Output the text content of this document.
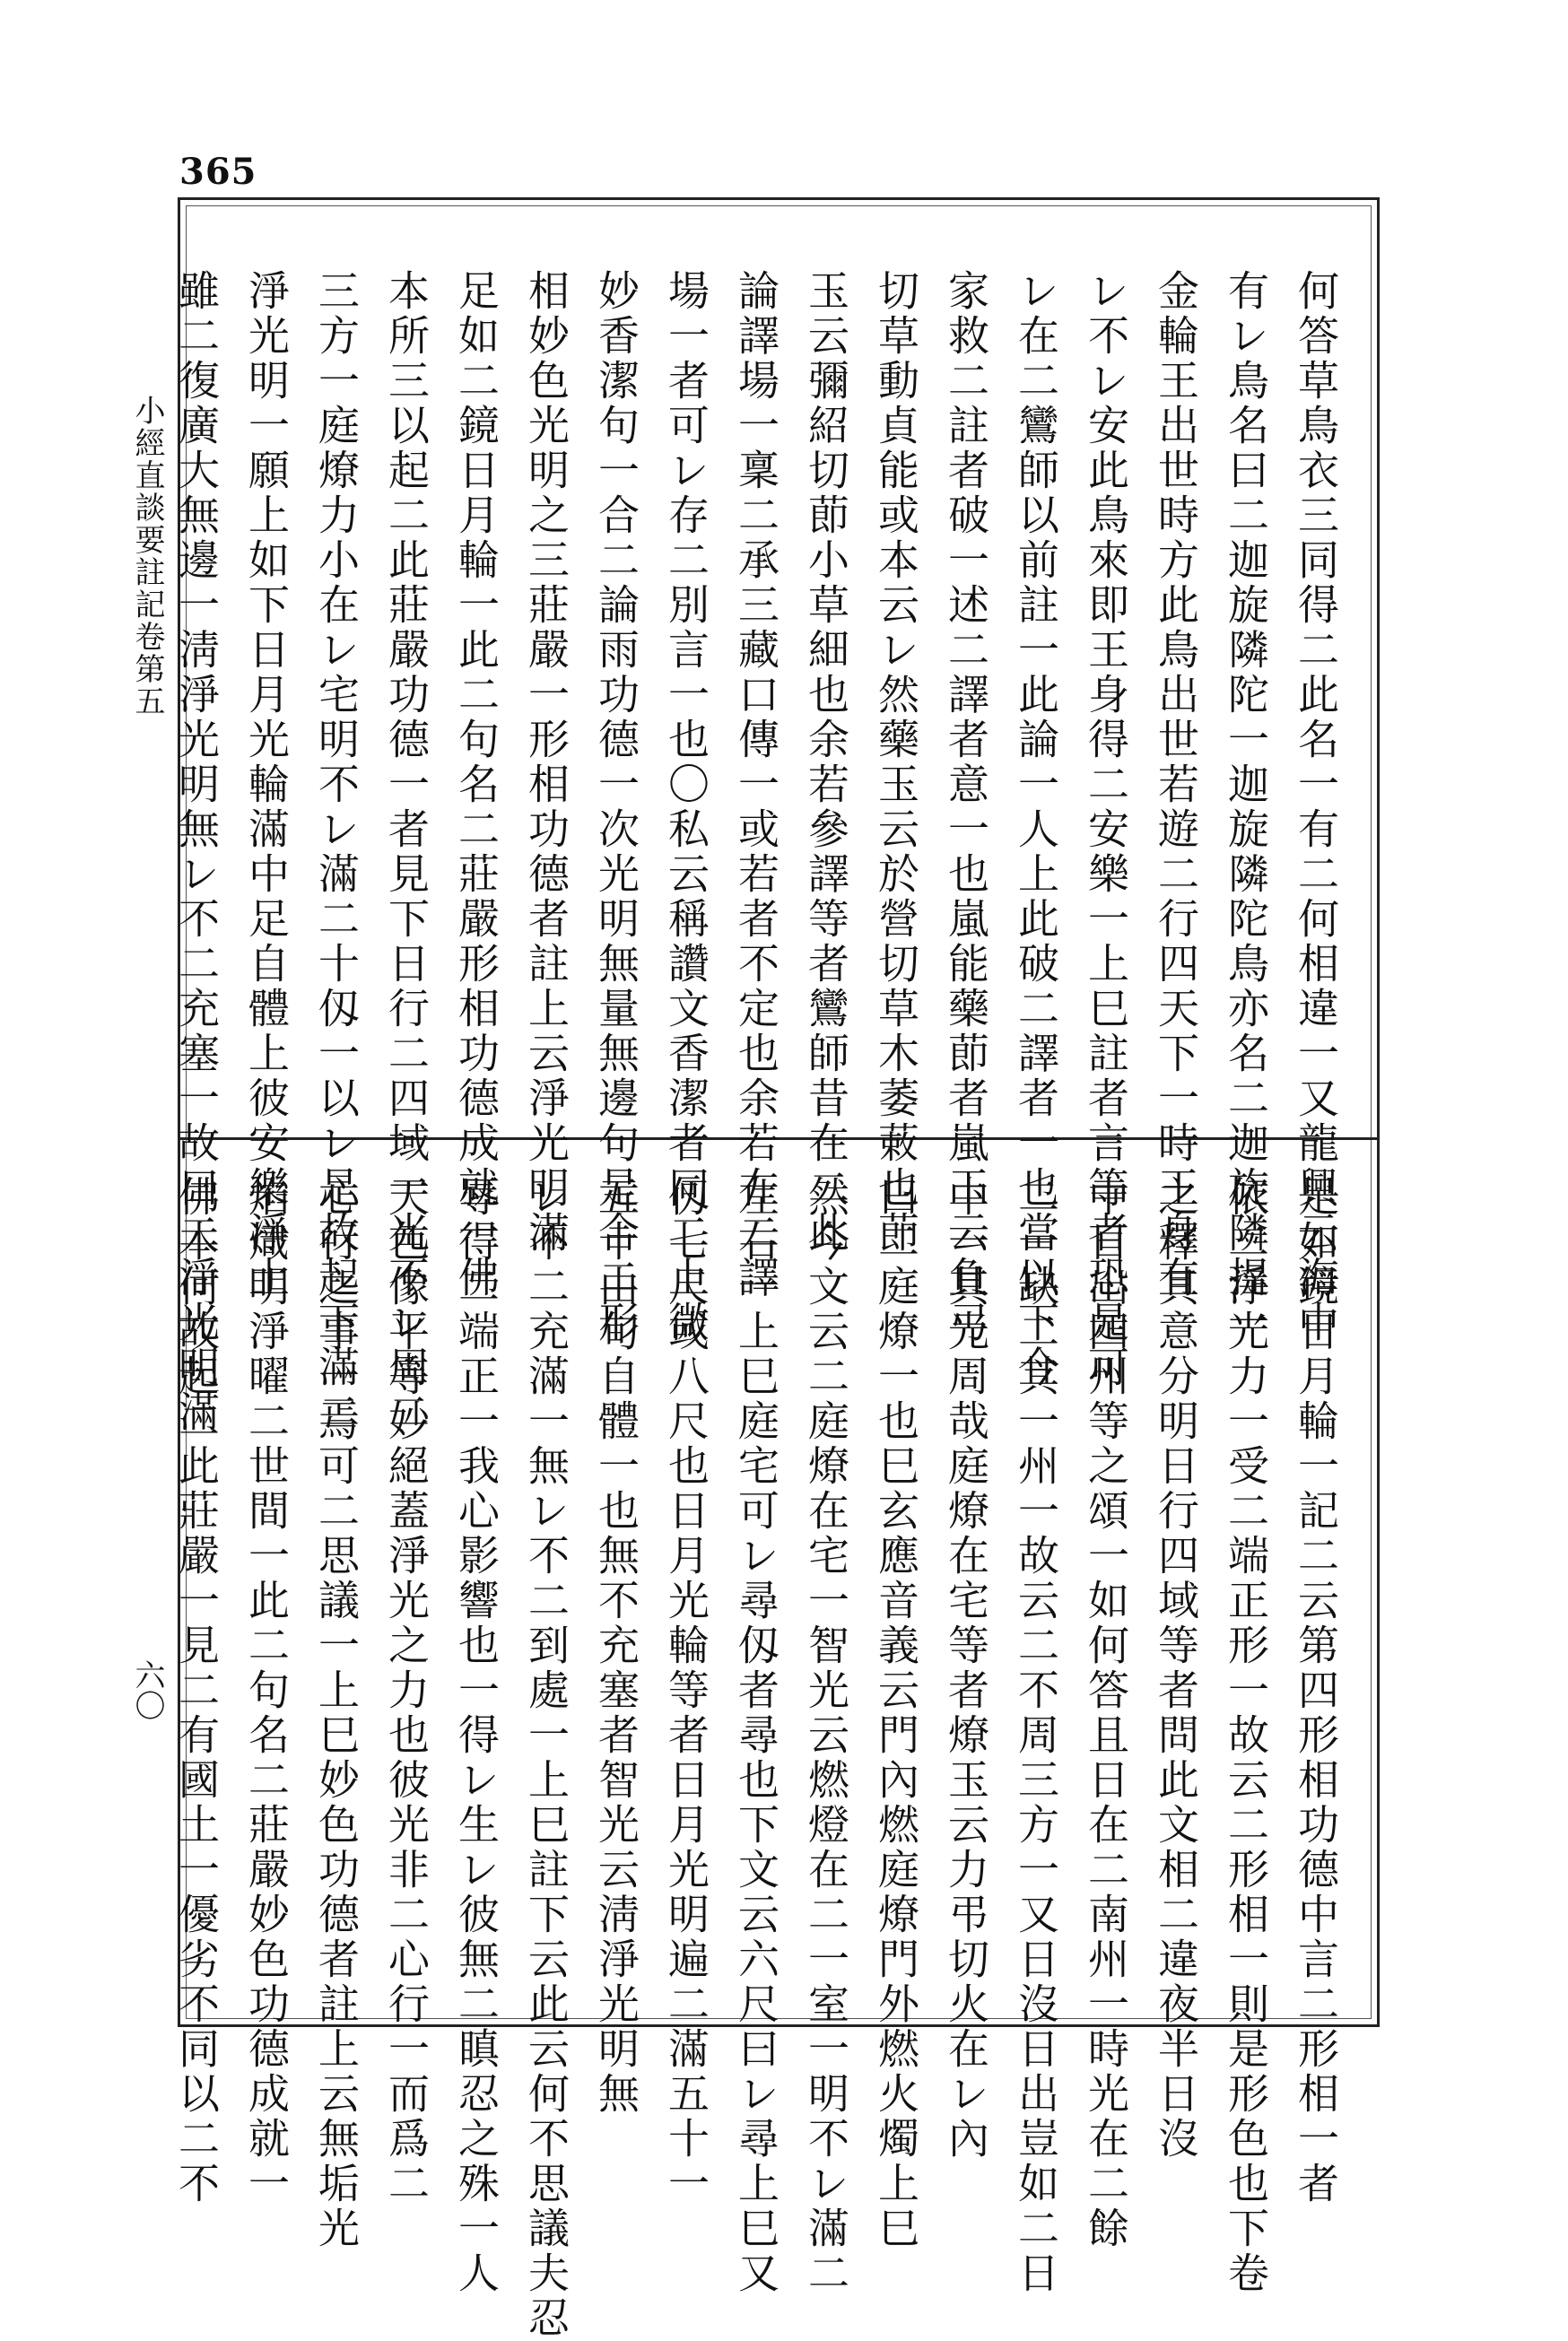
365
小經直談要註記卷第五
六〇
何答草鳥衣三同得二此名一有二何相違一又龍興云海中
有レ鳥名曰二迦旋隣陀一迦旋隣陀鳥亦名二迦旋隣提一
金輪王出世時方此鳥出世若遊二行四天下一時王身有
レ不レ安此鳥來即王身得二安樂一上巳註者言等者恐是可
レ在二鸞師以前註一此論一人上此破二譯者一也當以下今
家救二註者破一述二譯者意一也嵐能藥莭者嵐玉云負弓
切草動貞能或本云レ然藥玉云於營切草木萎䔩也莭
玉云彌紹切莭小草細也余若參譯等者鸞師昔在二此
論譯場一稟二承三藏口傳一或若者不定也余若在二譯
場一者可レ存二別言一也〇私云稱讚文香潔者同二上微
妙香潔句一合二論雨功德一次光明無量無邊句是合二形
相妙色光明之三莊嚴一形相功德者註上云淨光明滿
足如二鏡日月輪一此二句名二莊嚴形相功德成就一佛
本所三以起二此莊嚴功德一者見下日行二四域一光不レ周二
三方一庭燎力小在レ宅明不レ滿二十仭一以レ是故起下滿二
淨光明一願上如下日月光輪滿中足自體上彼安樂淨土
雖二復廣大無邊一淸淨光明無レ不二充塞一故曰二淨光明滿
足如鏡日月輪一記二云第四形相功德中言二形相一者
依二淨光力一受二端正形一故云二形相一則是形色也下卷
之釋其意分明日行四域等者問此文相二違夜半日沒
中日出四州等之頌一如何答且日在二南州一時光在二餘
二一缺二其一州一故云二不周三方一又日沒日出豈如二日
中一其光周哉庭燎在宅等者燎玉云力弔切火在レ內
曰二庭燎一也巳玄應音義云門內燃庭燎門外燃火燭上巳
然今文云二庭燎在宅一智光云燃燈在二一室一明不レ滿二
左右一上巳庭宅可レ尋仭者尋也下文云六尺曰レ尋上巳又
仭七尺或八尺也日月光輪等者日月光明遍二滿五十一
五十由旬自體一也無不充塞者智光云淸淨光明無
レ不二充滿一無レ不二到處一上巳註下云此云何不思議夫忍
辱得二端正一我心影響也一得レ生レ彼無二瞋忍之殊一人
天色像平等妙絕蓋淨光之力也彼光非二心行一而爲二
心行之事一焉可二思議一上巳妙色功德者註上云無垢光
焰熾明淨曜二世間一此二句名二莊嚴妙色功德成就一
佛本何故起二此莊嚴一見二有國土一優劣不同以二不
